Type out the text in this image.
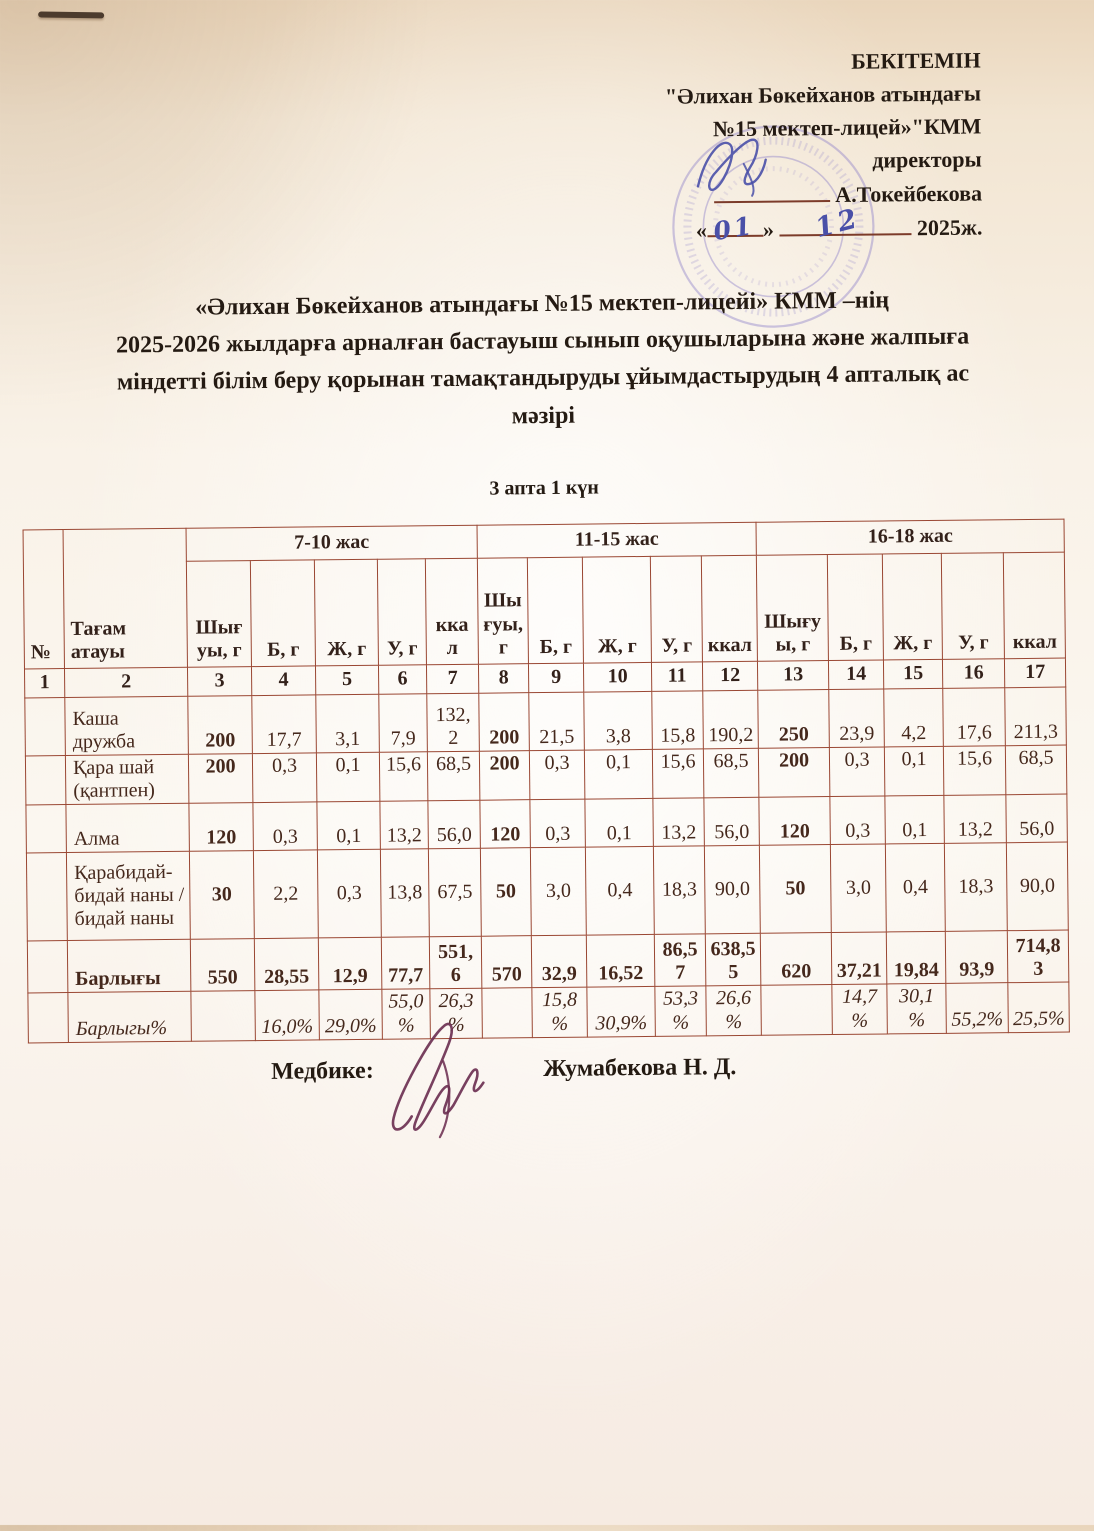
БЕКІТЕМІН
"Әлихан Бөкейханов атындағы
№15 мектеп-лицей»"КММ
директоры
А.Токейбекова
« 01 » 12 2025ж.
«Әлихан Бөкейханов атындағы №15 мектеп-лицейі» КММ –нің
2025-2026 жылдарға арналған бастауыш сынып оқушыларына және жалпыға
міндетті білім беру қорынан тамақтандыруды ұйымдастырудың 4 апталық ас
мәзірі
3 апта 1 күн
№	Тағам атауы	7-10 жас					11-15 жас					16-18 жас				
		Шығуы, г	Б, г	Ж, г	У, г	ккал	Шығуы, г	Б, г	Ж, г	У, г	ккал	Шығуы, г	Б, г	Ж, г	У, г	ккал
1	2	3	4	5	6	7	8	9	10	11	12	13	14	15	16	17
	Каша дружба	200	17,7	3,1	7,9	132,2	200	21,5	3,8	15,8	190,2	250	23,9	4,2	17,6	211,3
	Қара шай (қантпен)	200	0,3	0,1	15,6	68,5	200	0,3	0,1	15,6	68,5	200	0,3	0,1	15,6	68,5
	Алма	120	0,3	0,1	13,2	56,0	120	0,3	0,1	13,2	56,0	120	0,3	0,1	13,2	56,0
	Қарабидай-бидай наны / бидай наны	30	2,2	0,3	13,8	67,5	50	3,0	0,4	18,3	90,0	50	3,0	0,4	18,3	90,0
	Барлығы	550	28,55	12,9	77,7	551,6	570	32,9	16,52	86,57	638,55	620	37,21	19,84	93,9	714,83
	Барлыгы%		16,0%	29,0%	55,0%	26,3%		15,8%	30,9%	53,3%	26,6%		14,7%	30,1%	55,2%	25,5%
Медбике:	Жумабекова Н. Д.
